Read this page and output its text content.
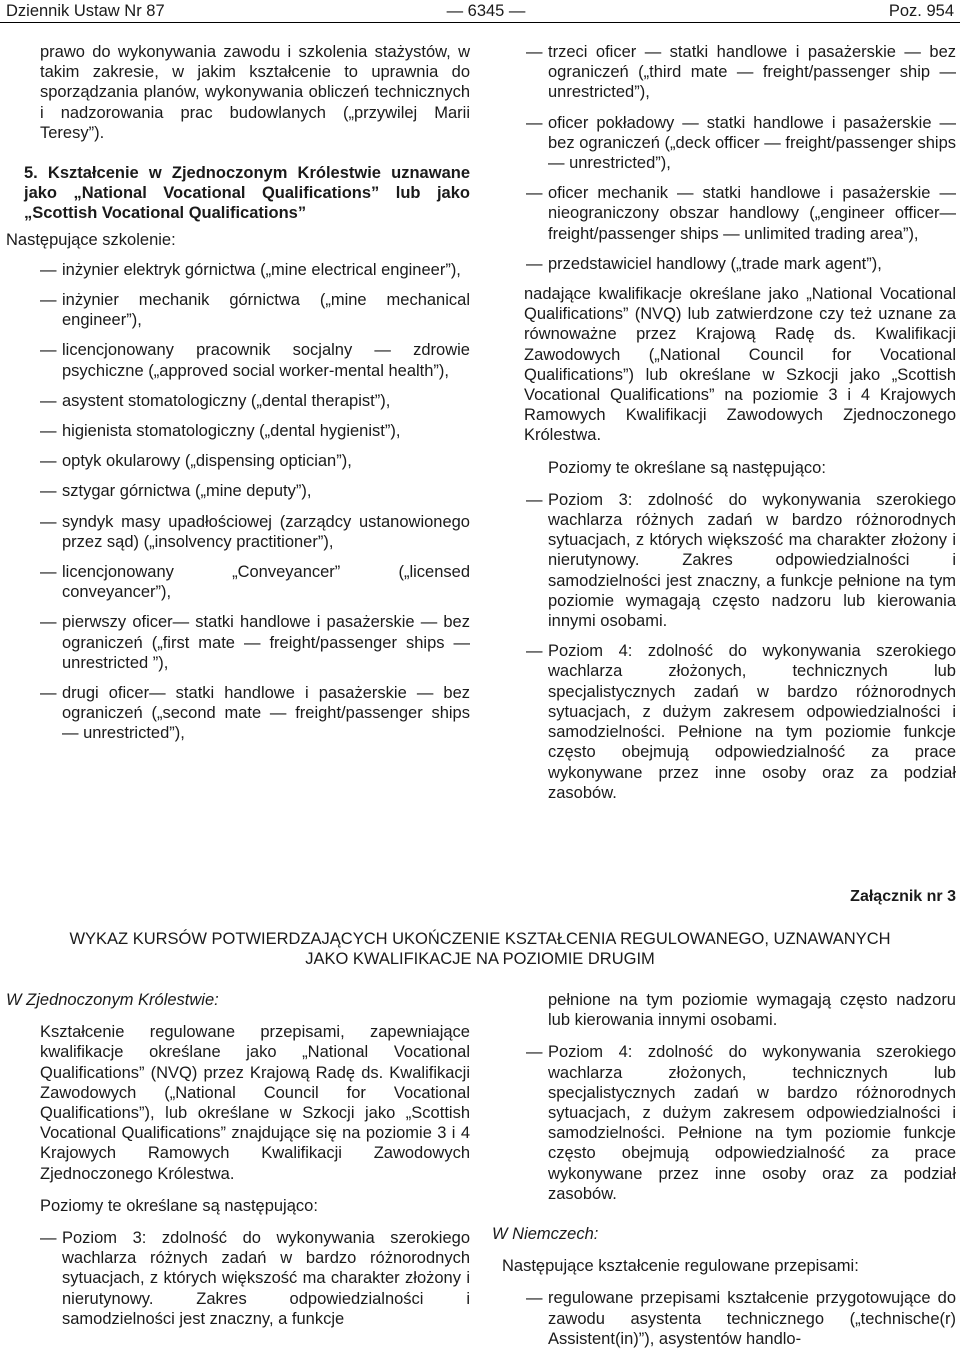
Dziennik Ustaw Nr 87	— 6345 —	Poz. 954

prawo do wykonywania zawodu i szkolenia stażystów, w takim zakresie, w jakim kształcenie to uprawnia do sporządzania planów, wykonywania obliczeń technicznych i nadzorowania prac budowlanych („przywilej Marii Teresy”).

5. Kształcenie w Zjednoczonym Królestwie uznawane jako „National Vocational Qualifications” lub jako „Scottish Vocational Qualifications”

Następujące szkolenie:

— inżynier elektryk górnictwa („mine electrical engineer”),
— inżynier mechanik górnictwa („mine mechanical engineer”),
— licencjonowany pracownik socjalny — zdrowie psychiczne („approved social worker-mental health”),
— asystent stomatologiczny („dental therapist”),
— higienista stomatologiczny („dental hygienist”),
— optyk okularowy („dispensing optician”),
— sztygar górnictwa („mine deputy”),
— syndyk masy upadłościowej (zarządcy ustanowionego przez sąd) („insolvency practitioner”),
— licencjonowany „Conveyancer” („licensed conveyancer”),
— pierwszy oficer— statki handlowe i pasażerskie — bez ograniczeń („first mate — freight/passenger ships — unrestricted ”),
— drugi oficer— statki handlowe i pasażerskie — bez ograniczeń („second mate — freight/passenger ships — unrestricted”),
— trzeci oficer — statki handlowe i pasażerskie — bez ograniczeń („third mate — freight/passenger ship — unrestricted”),
— oficer pokładowy — statki handlowe i pasażerskie — bez ograniczeń („deck officer — freight/passenger ships — unrestricted”),
— oficer mechanik — statki handlowe i pasażerskie — nieograniczony obszar handlowy („engineer officer— freight/passenger ships — unlimited trading area”),
— przedstawiciel handlowy („trade mark agent”),

nadające kwalifikacje określane jako „National Vocational Qualifications” (NVQ) lub zatwierdzone czy też uznane za równoważne przez Krajową Radę ds. Kwalifikacji Zawodowych („National Council for Vocational Qualifications”) lub określane w Szkocji jako „Scottish Vocational Qualifications” na poziomie 3 i 4 Krajowych Ramowych Kwalifikacji Zawodowych Zjednoczonego Królestwa.

Poziomy te określane są następująco:

— Poziom 3: zdolność do wykonywania szerokiego wachlarza różnych zadań w bardzo różnorodnych sytuacjach, z których większość ma charakter złożony i nierutynowy. Zakres odpowiedzialności i samodzielności jest znaczny, a funkcje pełnione na tym poziomie wymagają często nadzoru lub kierowania innymi osobami.
— Poziom 4: zdolność do wykonywania szerokiego wachlarza złożonych, technicznych lub specjalistycznych zadań w bardzo różnorodnych sytuacjach, z dużym zakresem odpowiedzialności i samodzielności. Pełnione na tym poziomie funkcje często obejmują odpowiedzialność za prace wykonywane przez inne osoby oraz za podział zasobów.
Załącznik nr 3
WYKAZ KURSÓW POTWIERDZAJĄCYCH UKOŃCZENIE KSZTAŁCENIA REGULOWANEGO, UZNAWANYCH
JAKO KWALIFIKACJE NA POZIOMIE DRUGIM

W Zjednoczonym Królestwie:

Kształcenie regulowane przepisami, zapewniające kwalifikacje określane jako „National Vocational Qualifications” (NVQ) przez Krajową Radę ds. Kwalifikacji Zawodowych („National Council for Vocational Qualifications”), lub określane w Szkocji jako „Scottish Vocational Qualifications” znajdujące się na poziomie 3 i 4 Krajowych Ramowych Kwalifikacji Zawodowych Zjednoczonego Królestwa.

Poziomy te określane są następująco:

— Poziom 3: zdolność do wykonywania szerokiego wachlarza różnych zadań w bardzo różnorodnych sytuacjach, z których większość ma charakter złożony i nierutynowy. Zakres odpowiedzialności i samodzielności jest znaczny, a funkcje

pełnione na tym poziomie wymagają często nadzoru lub kierowania innymi osobami.

— Poziom 4: zdolność do wykonywania szerokiego wachlarza złożonych, technicznych lub specjalistycznych zadań w bardzo różnorodnych sytuacjach, z dużym zakresem odpowiedzialności i samodzielności. Pełnione na tym poziomie funkcje często obejmują odpowiedzialność za prace wykonywane przez inne osoby oraz za podział zasobów.

W Niemczech:

Następujące kształcenie regulowane przepisami:

— regulowane przepisami kształcenie przygotowujące do zawodu asystenta technicznego („technische(r) Assistent(in)”), asystentów handlo-
